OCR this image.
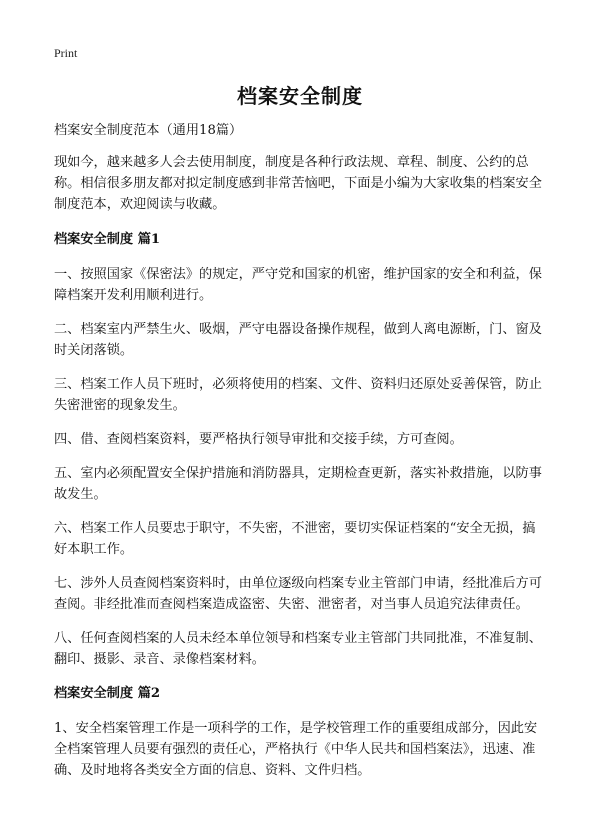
Print
档案安全制度

档案安全制度范本（通用18篇）

现如今，越来越多人会去使用制度，制度是各种行政法规、章程、制度、公约的总称。相信很多朋友都对拟定制度感到非常苦恼吧，下面是小编为大家收集的档案安全制度范本，欢迎阅读与收藏。

档案安全制度 篇1

一、按照国家《保密法》的规定，严守党和国家的机密，维护国家的安全和利益，保障档案开发利用顺利进行。

二、档案室内严禁生火、吸烟，严守电器设备操作规程，做到人离电源断，门、窗及时关闭落锁。

三、档案工作人员下班时，必须将使用的档案、文件、资料归还原处妥善保管，防止失密泄密的现象发生。

四、借、查阅档案资料，要严格执行领导审批和交接手续，方可查阅。

五、室内必须配置安全保护措施和消防器具，定期检查更新，落实补救措施，以防事故发生。

六、档案工作人员要忠于职守，不失密，不泄密，要切实保证档案的“安全无损，搞好本职工作。

七、涉外人员查阅档案资料时，由单位逐级向档案专业主管部门申请，经批准后方可查阅。非经批准而查阅档案造成盗密、失密、泄密者，对当事人员追究法律责任。

八、任何查阅档案的人员未经本单位领导和档案专业主管部门共同批准，不准复制、翻印、摄影、录音、录像档案材料。

档案安全制度 篇2

1、安全档案管理工作是一项科学的工作，是学校管理工作的重要组成部分，因此安全档案管理人员要有强烈的责任心，严格执行《中华人民共和国档案法》，迅速、准确、及时地将各类安全方面的信息、资料、文件归档。
